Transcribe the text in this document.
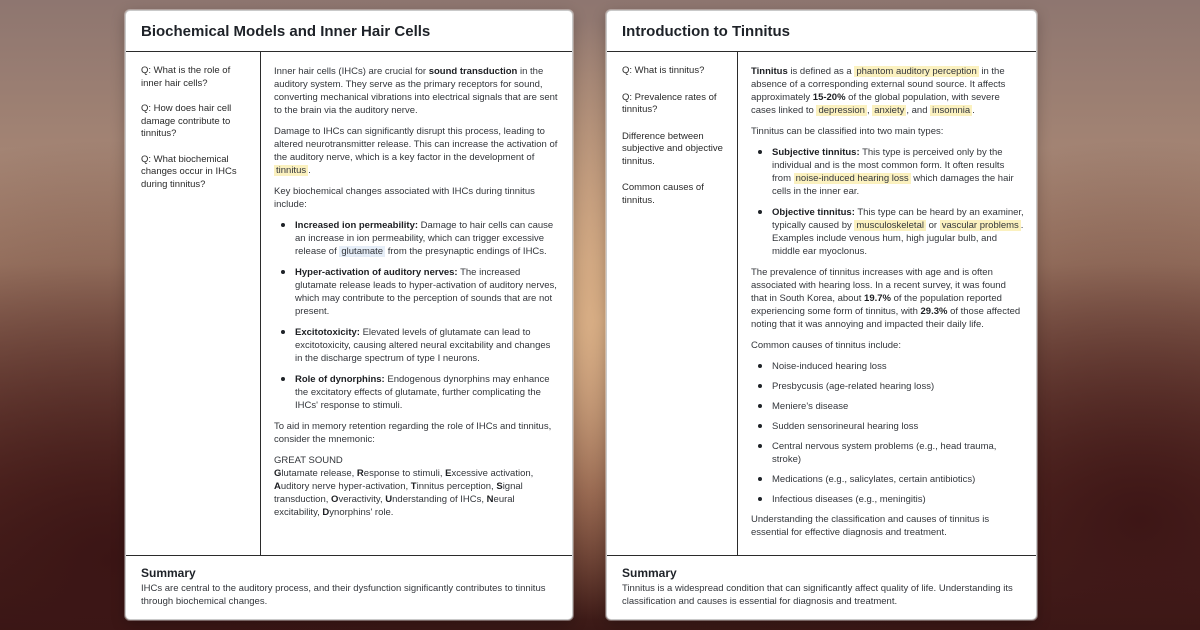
Biochemical Models and Inner Hair Cells
Q: What is the role of inner hair cells?
Q: How does hair cell damage contribute to tinnitus?
Q: What biochemical changes occur in IHCs during tinnitus?
Inner hair cells (IHCs) are crucial for sound transduction in the auditory system. They serve as the primary receptors for sound, converting mechanical vibrations into electrical signals that are sent to the brain via the auditory nerve.
Damage to IHCs can significantly disrupt this process, leading to altered neurotransmitter release. This can increase the activation of the auditory nerve, which is a key factor in the development of tinnitus .
Key biochemical changes associated with IHCs during tinnitus include:
Increased ion permeability: Damage to hair cells can cause an increase in ion permeability, which can trigger excessive release of glutamate from the presynaptic endings of IHCs.
Hyper-activation of auditory nerves: The increased glutamate release leads to hyper-activation of auditory nerves, which may contribute to the perception of sounds that are not present.
Excitotoxicity: Elevated levels of glutamate can lead to excitotoxicity, causing altered neural excitability and changes in the discharge spectrum of type I neurons.
Role of dynorphins: Endogenous dynorphins may enhance the excitatory effects of glutamate, further complicating the IHCs' response to stimuli.
To aid in memory retention regarding the role of IHCs and tinnitus, consider the mnemonic:
GREAT SOUND
Glutamate release, Response to stimuli, Excessive activation, Auditory nerve hyper-activation, Tinnitus perception, Signal transduction, Overactivity, Understanding of IHCs, Neural excitability, Dynorphins' role.
Summary
IHCs are central to the auditory process, and their dysfunction significantly contributes to tinnitus through biochemical changes.
Introduction to Tinnitus
Q: What is tinnitus?
Q: Prevalence rates of tinnitus?
Difference between subjective and objective tinnitus.
Common causes of tinnitus.
Tinnitus is defined as a phantom auditory perception in the absence of a corresponding external sound source. It affects approximately 15-20% of the global population, with severe cases linked to depression , anxiety , and insomnia .
Tinnitus can be classified into two main types:
Subjective tinnitus: This type is perceived only by the individual and is the most common form. It often results from noise-induced hearing loss which damages the hair cells in the inner ear.
Objective tinnitus: This type can be heard by an examiner, typically caused by musculoskeletal or vascular problems . Examples include venous hum, high jugular bulb, and middle ear myoclonus.
The prevalence of tinnitus increases with age and is often associated with hearing loss. In a recent survey, it was found that in South Korea, about 19.7% of the population reported experiencing some form of tinnitus, with 29.3% of those affected noting that it was annoying and impacted their daily life.
Common causes of tinnitus include:
Noise-induced hearing loss
Presbycusis (age-related hearing loss)
Meniere's disease
Sudden sensorineural hearing loss
Central nervous system problems (e.g., head trauma, stroke)
Medications (e.g., salicylates, certain antibiotics)
Infectious diseases (e.g., meningitis)
Understanding the classification and causes of tinnitus is essential for effective diagnosis and treatment.
Summary
Tinnitus is a widespread condition that can significantly affect quality of life. Understanding its classification and causes is essential for diagnosis and treatment.
